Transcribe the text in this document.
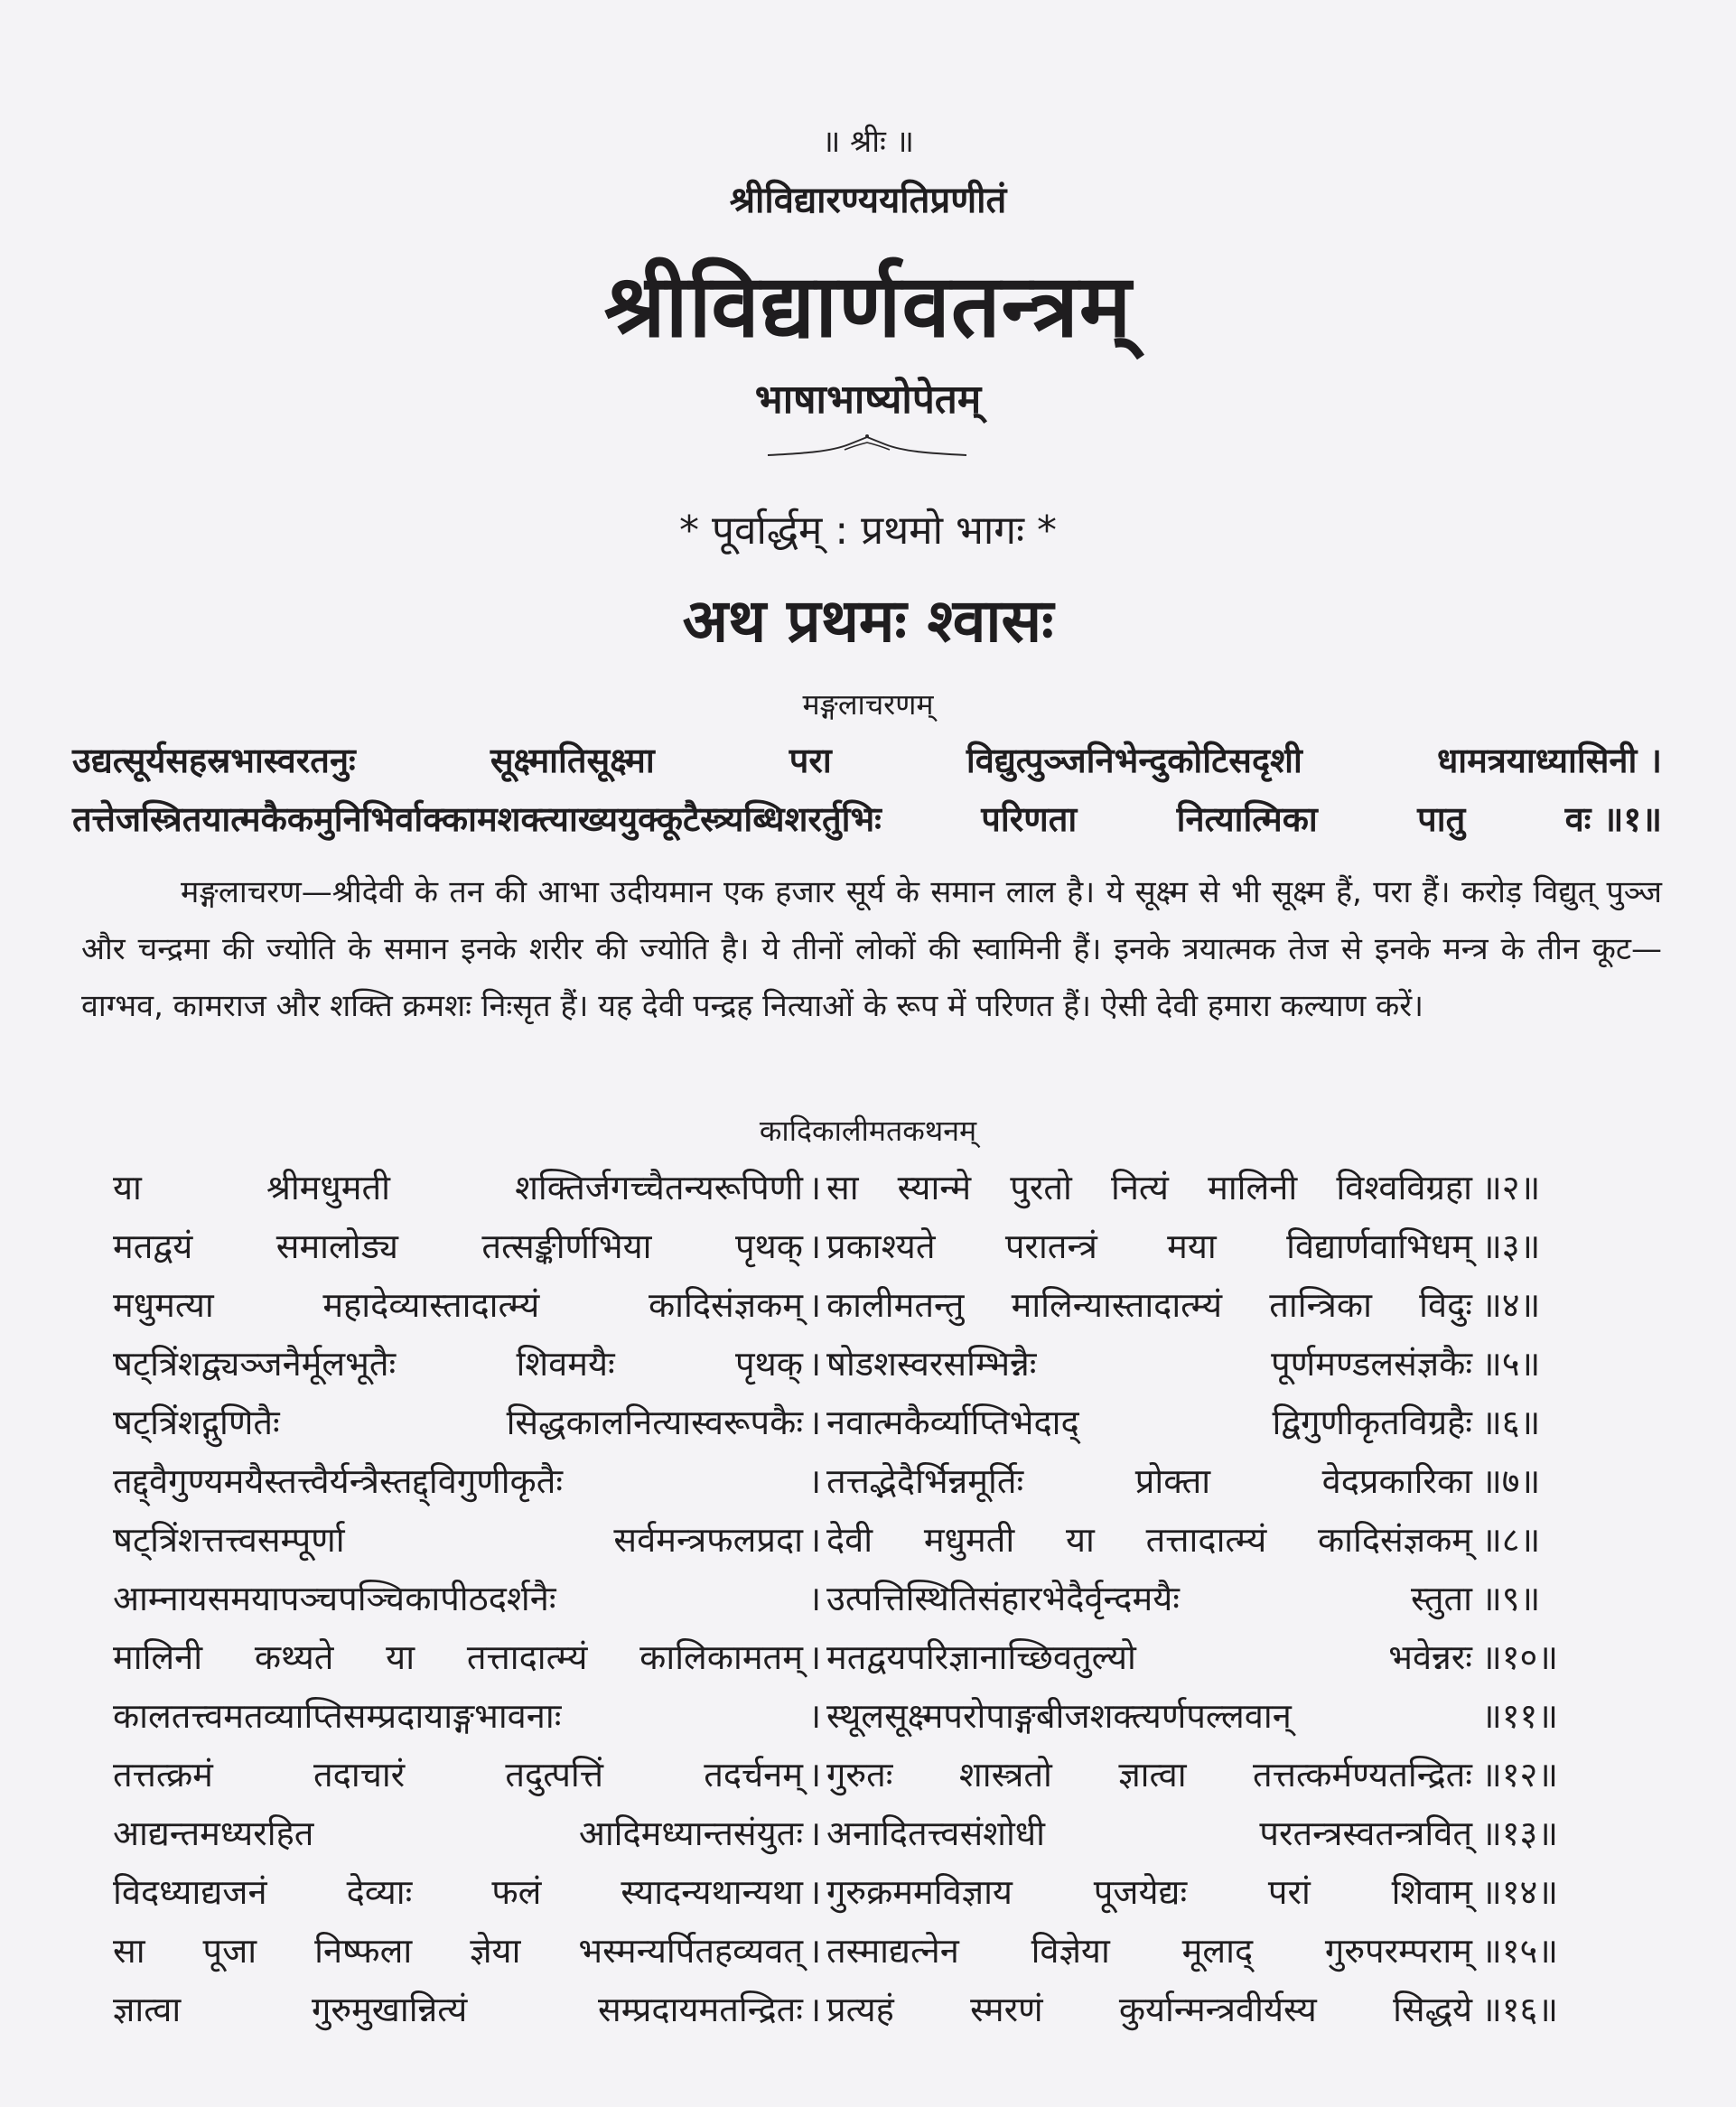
॥ श्रीः ॥
श्रीविद्यारण्ययतिप्रणीतं
श्रीविद्यार्णवतन्त्रम्
भाषाभाष्योपेतम्
* पूर्वार्द्धम् : प्रथमो भागः *
अथ प्रथमः श्वासः
मङ्गलाचरणम्
उद्यत्सूर्यसहस्रभास्वरतनुः	सूक्ष्मातिसूक्ष्मा	परा	विद्युत्पुञ्जनिभेन्दुकोटिसदृशी	धामत्रयाध्यासिनी ।
तत्तेजस्त्रितयात्मकैकमुनिभिर्वाक्कामशक्त्याख्ययुक्कूटैस्त्र्यब्धिशरर्तुभिः	परिणता	नित्यात्मिका	पातु	वः ॥१॥
मङ्गलाचरण—श्रीदेवी के तन की आभा उदीयमान एक हजार सूर्य के समान लाल है। ये सूक्ष्म से भी सूक्ष्म हैं, परा हैं। करोड़ विद्युत् पुञ्ज और चन्द्रमा की ज्योति के समान इनके शरीर की ज्योति है। ये तीनों लोकों की स्वामिनी हैं। इनके त्रयात्मक तेज से इनके मन्त्र के तीन कूट—वाग्भव, कामराज और शक्ति क्रमशः निःसृत हैं। यह देवी पन्द्रह नित्याओं के रूप में परिणत हैं। ऐसी देवी हमारा कल्याण करें।
कादिकालीमतकथनम्
या	श्रीमधुमती	शक्तिर्जगच्चैतन्यरूपिणी । सा स्यान्मे पुरतो नित्यं मालिनी विश्वविग्रहा ॥२॥
मतद्वयं समालोड्य तत्सङ्कीर्णभिया पृथक् । प्रकाश्यते परातन्त्रं मया विद्यार्णवाभिधम् ॥३॥
मधुमत्या	महादेव्यास्तादात्म्यं	कादिसंज्ञकम् । कालीमतन्तु मालिन्यास्तादात्म्यं तान्त्रिका विदुः ॥४॥
षट्त्रिंशद्व्यञ्जनैर्मूलभूतैः	शिवमयैः	पृथक् । षोडशस्वरसम्भिन्नैः	पूर्णमण्डलसंज्ञकैः ॥५॥
षट्त्रिंशद्गुणितैः	सिद्धकालनित्यास्वरूपकैः । नवात्मकैर्व्याप्तिभेदाद्	द्विगुणीकृतविग्रहैः ॥६॥
तद्द्वैगुण्यमयैस्तत्त्वैर्यन्त्रैस्तद्द्विगुणीकृतैः	। तत्तद्भेदैर्भिन्नमूर्तिः	प्रोक्ता	वेदप्रकारिका ॥७॥
षट्त्रिंशत्तत्त्वसम्पूर्णा	सर्वमन्त्रफलप्रदा । देवी मधुमती या तत्तादात्म्यं कादिसंज्ञकम् ॥८॥
आम्नायसमयापञ्चपञ्चिकापीठदर्शनैः	। उत्पत्तिस्थितिसंहारभेदैर्वृन्दमयैः	स्तुता ॥९॥
मालिनी कथ्यते या तत्तादात्म्यं कालिकामतम् । मतद्वयपरिज्ञानाच्छिवतुल्यो	भवेन्नरः ॥१०॥
कालतत्त्वमतव्याप्तिसम्प्रदायाङ्गभावनाः	। स्थूलसूक्ष्मपरोपाङ्गबीजशक्त्यर्णपल्लवान्	॥११॥
तत्तत्क्रमं	तदाचारं	तदुत्पत्तिं	तदर्चनम् । गुरुतः शास्त्रतो ज्ञात्वा तत्तत्कर्मण्यतन्द्रितः ॥१२॥
आद्यन्तमध्यरहित	आदिमध्यान्तसंयुतः । अनादितत्त्वसंशोधी	परतन्त्रस्वतन्त्रवित् ॥१३॥
विदध्याद्यजनं देव्याः फलं स्यादन्यथान्यथा । गुरुक्रममविज्ञाय पूजयेद्यः परां शिवाम् ॥१४॥
सा पूजा निष्फला ज्ञेया भस्मन्यर्पितहव्यवत् । तस्माद्यत्नेन विज्ञेया मूलाद् गुरुपरम्पराम् ॥१५॥
ज्ञात्वा	गुरुमुखान्नित्यं	सम्प्रदायमतन्द्रितः । प्रत्यहं स्मरणं कुर्यान्मन्त्रवीर्यस्य सिद्धये ॥१६॥
